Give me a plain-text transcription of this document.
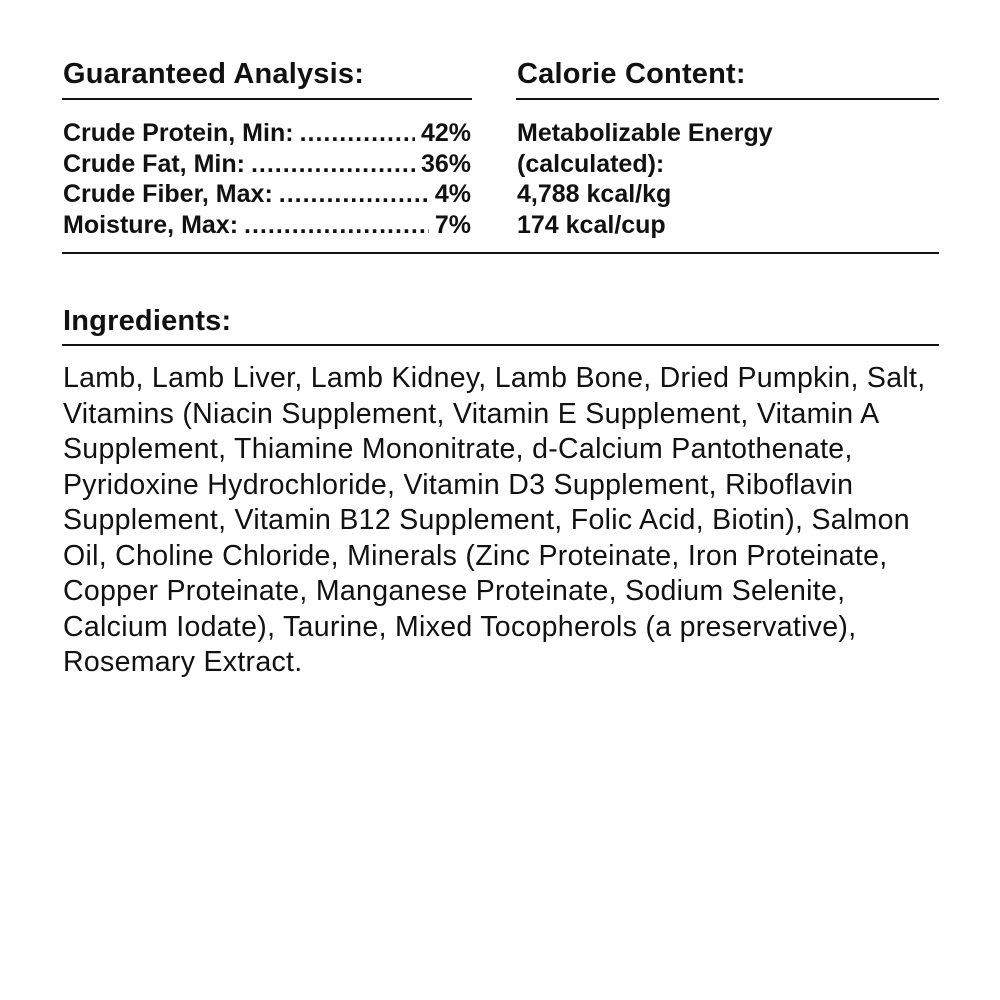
Guaranteed Analysis:
Crude Protein, Min: .....	42%
Crude Fat, Min: .....	36%
Crude Fiber, Max: .....	4%
Moisture, Max: .....	7%
Calorie Content:
Metabolizable Energy
(calculated):
4,788 kcal/kg
174 kcal/cup
Ingredients:
Lamb, Lamb Liver, Lamb Kidney, Lamb Bone, Dried Pumpkin, Salt, Vitamins (Niacin Supplement, Vitamin E Supplement, Vitamin A Supplement, Thiamine Mononitrate, d-Calcium Pantothenate, Pyridoxine Hydrochloride, Vitamin D3 Supplement, Riboflavin Supplement, Vitamin B12 Supplement, Folic Acid, Biotin), Salmon Oil, Choline Chloride, Minerals (Zinc Proteinate, Iron Proteinate, Copper Proteinate, Manganese Proteinate, Sodium Selenite, Calcium Iodate), Taurine, Mixed Tocopherols (a preservative), Rosemary Extract.
